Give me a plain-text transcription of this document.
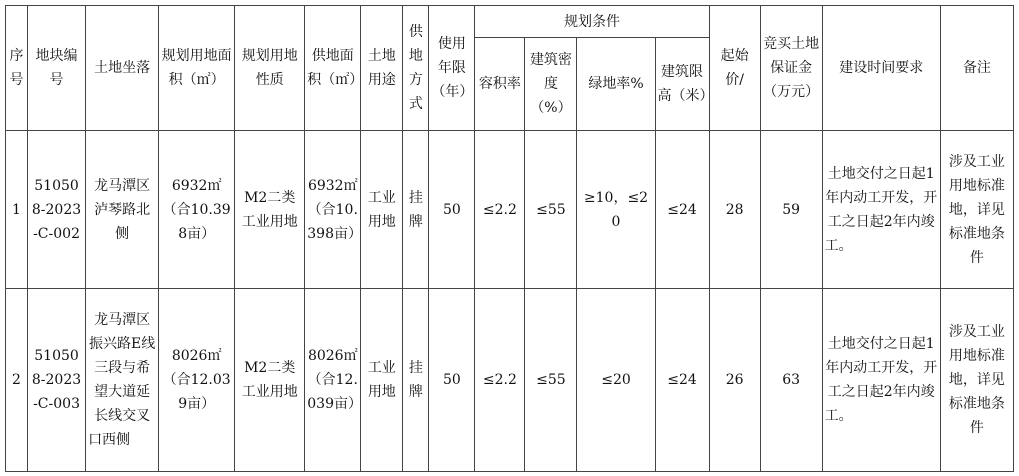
序号	地块编号	土地坐落	规划用地面积（㎡）	规划用地性质	供地面积（㎡）	土地用途	供地方式	使用年限（年）	规划条件				起始价/	竞买土地保证金（万元）	建设时间要求	备注
									容积率	建筑密度（%）	绿地率%	建筑限高（米）				
1	510508-2023-C-002	龙马潭区泸琴路北侧	6932㎡（合10.398亩）	M2二类工业用地	6932㎡（合10.398亩）	工业用地	挂牌	50	≤2.2	≤55	≥10，≤20	≤24	28	59	土地交付之日起1年内动工开发，开工之日起2年内竣工。	涉及工业用地标准地，详见标准地条件
2	510508-2023-C-003	龙马潭区振兴路E线三段与希望大道延长线交叉口西侧	8026㎡（合12.039亩）	M2二类工业用地	8026㎡（合12.039亩）	工业用地	挂牌	50	≤2.2	≤55	≤20	≤24	26	63	土地交付之日起1年内动工开发，开工之日起2年内竣工。	涉及工业用地标准地，详见标准地条件
